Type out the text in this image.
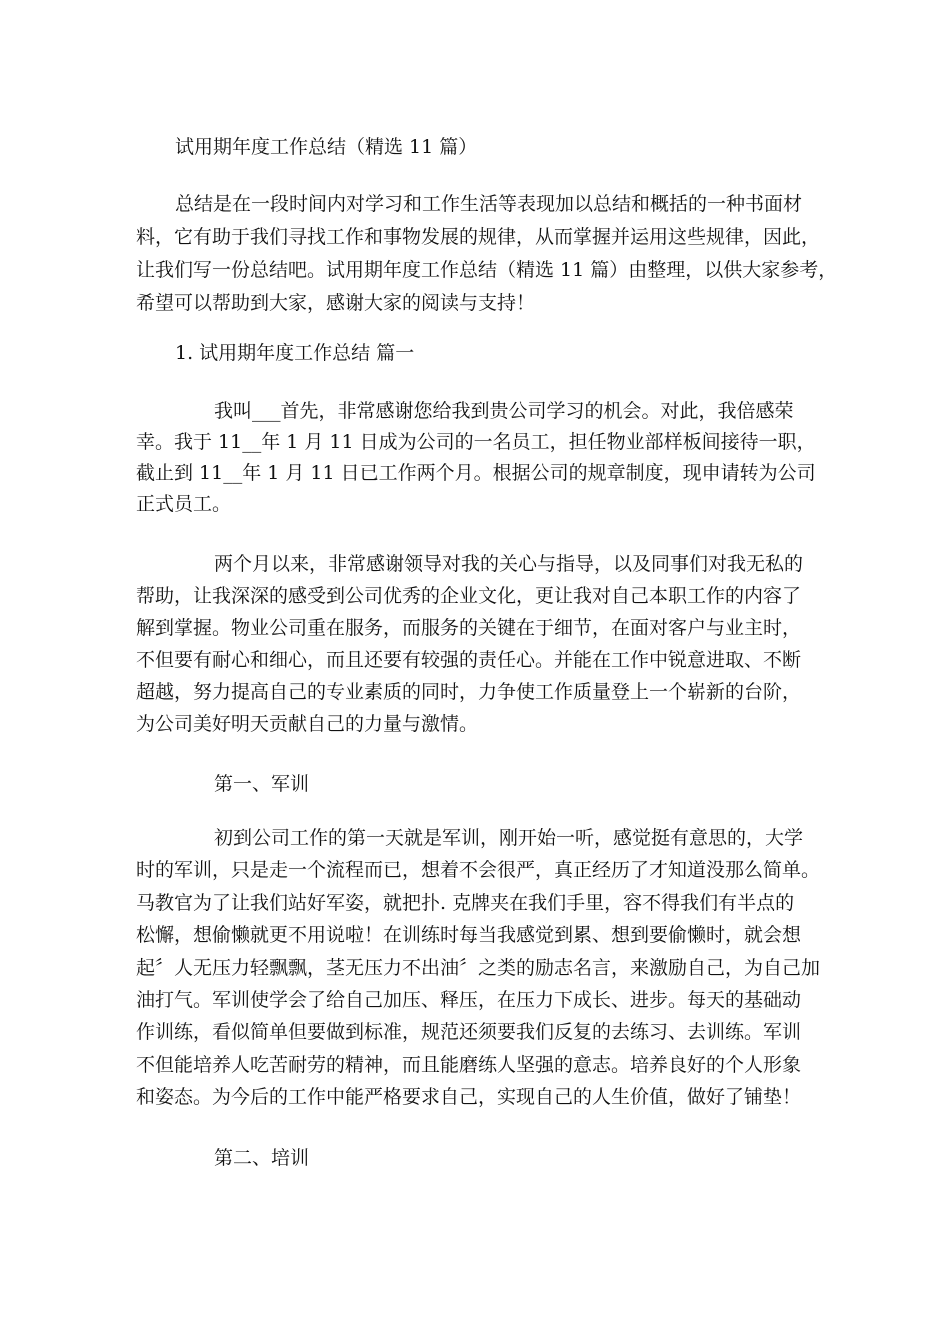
试用期年度工作总结（精选 11 篇）
总结是在一段时间内对学习和工作生活等表现加以总结和概括的一种书面材
料，它有助于我们寻找工作和事物发展的规律，从而掌握并运用这些规律，因此，
让我们写一份总结吧。试用期年度工作总结（精选 11 篇）由整理，以供大家参考，
希望可以帮助到大家，感谢大家的阅读与支持！
1. 试用期年度工作总结 篇一
我叫___首先，非常感谢您给我到贵公司学习的机会。对此，我倍感荣
幸。我于 11__年 1 月 11 日成为公司的一名员工，担任物业部样板间接待一职，
截止到 11__年 1 月 11 日已工作两个月。根据公司的规章制度，现申请转为公司
正式员工。
两个月以来，非常感谢领导对我的关心与指导，以及同事们对我无私的
帮助，让我深深的感受到公司优秀的企业文化，更让我对自己本职工作的内容了
解到掌握。物业公司重在服务，而服务的关键在于细节，在面对客户与业主时，
不但要有耐心和细心，而且还要有较强的责任心。并能在工作中锐意进取、不断
超越，努力提高自己的专业素质的同时，力争使工作质量登上一个崭新的台阶，
为公司美好明天贡献自己的力量与激情。
第一、军训
初到公司工作的第一天就是军训，刚开始一听，感觉挺有意思的，大学
时的军训，只是走一个流程而已，想着不会很严，真正经历了才知道没那么简单。
马教官为了让我们站好军姿，就把扑. 克牌夹在我们手里，容不得我们有半点的
松懈，想偷懒就更不用说啦！在训练时每当我感觉到累、想到要偷懒时，就会想
起〞人无压力轻飘飘，茎无压力不出油〞之类的励志名言，来激励自己，为自己加
油打气。军训使学会了给自己加压、释压，在压力下成长、进步。每天的基础动
作训练，看似简单但要做到标准，规范还须要我们反复的去练习、去训练。军训
不但能培养人吃苦耐劳的精神，而且能磨练人坚强的意志。培养良好的个人形象
和姿态。为今后的工作中能严格要求自己，实现自己的人生价值，做好了铺垫！
第二、培训
